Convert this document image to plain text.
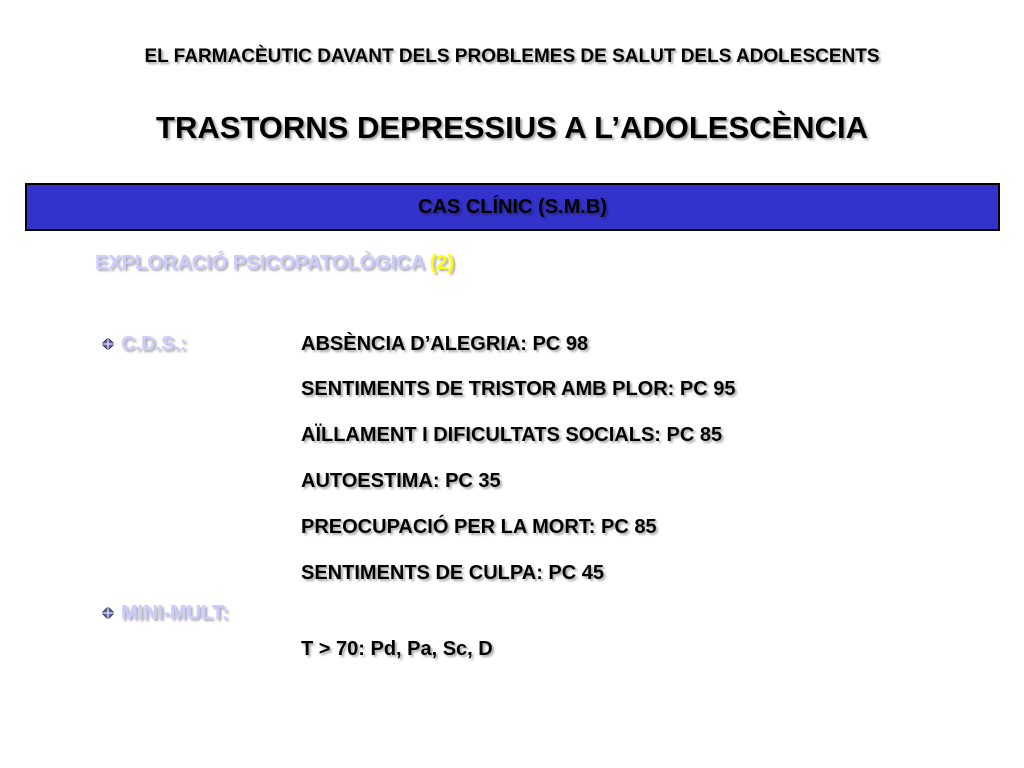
EL FARMACÈUTIC DAVANT DELS PROBLEMES DE SALUT DELS ADOLESCENTS
TRASTORNS DEPRESSIUS A L’ADOLESCÈNCIA
CAS CLÍNIC (S.M.B)
EXPLORACIÓ PSICOPATOLÒGICA (2)
C.D.S.:	ABSÈNCIA D’ALEGRIA: PC 98
SENTIMENTS DE TRISTOR AMB PLOR: PC 95
AÏLLAMENT I DIFICULTATS SOCIALS: PC 85
AUTOESTIMA: PC 35
PREOCUPACIÓ PER LA MORT: PC 85
SENTIMENTS DE CULPA: PC 45
MINI-MULT:
T > 70: Pd, Pa, Sc, D
